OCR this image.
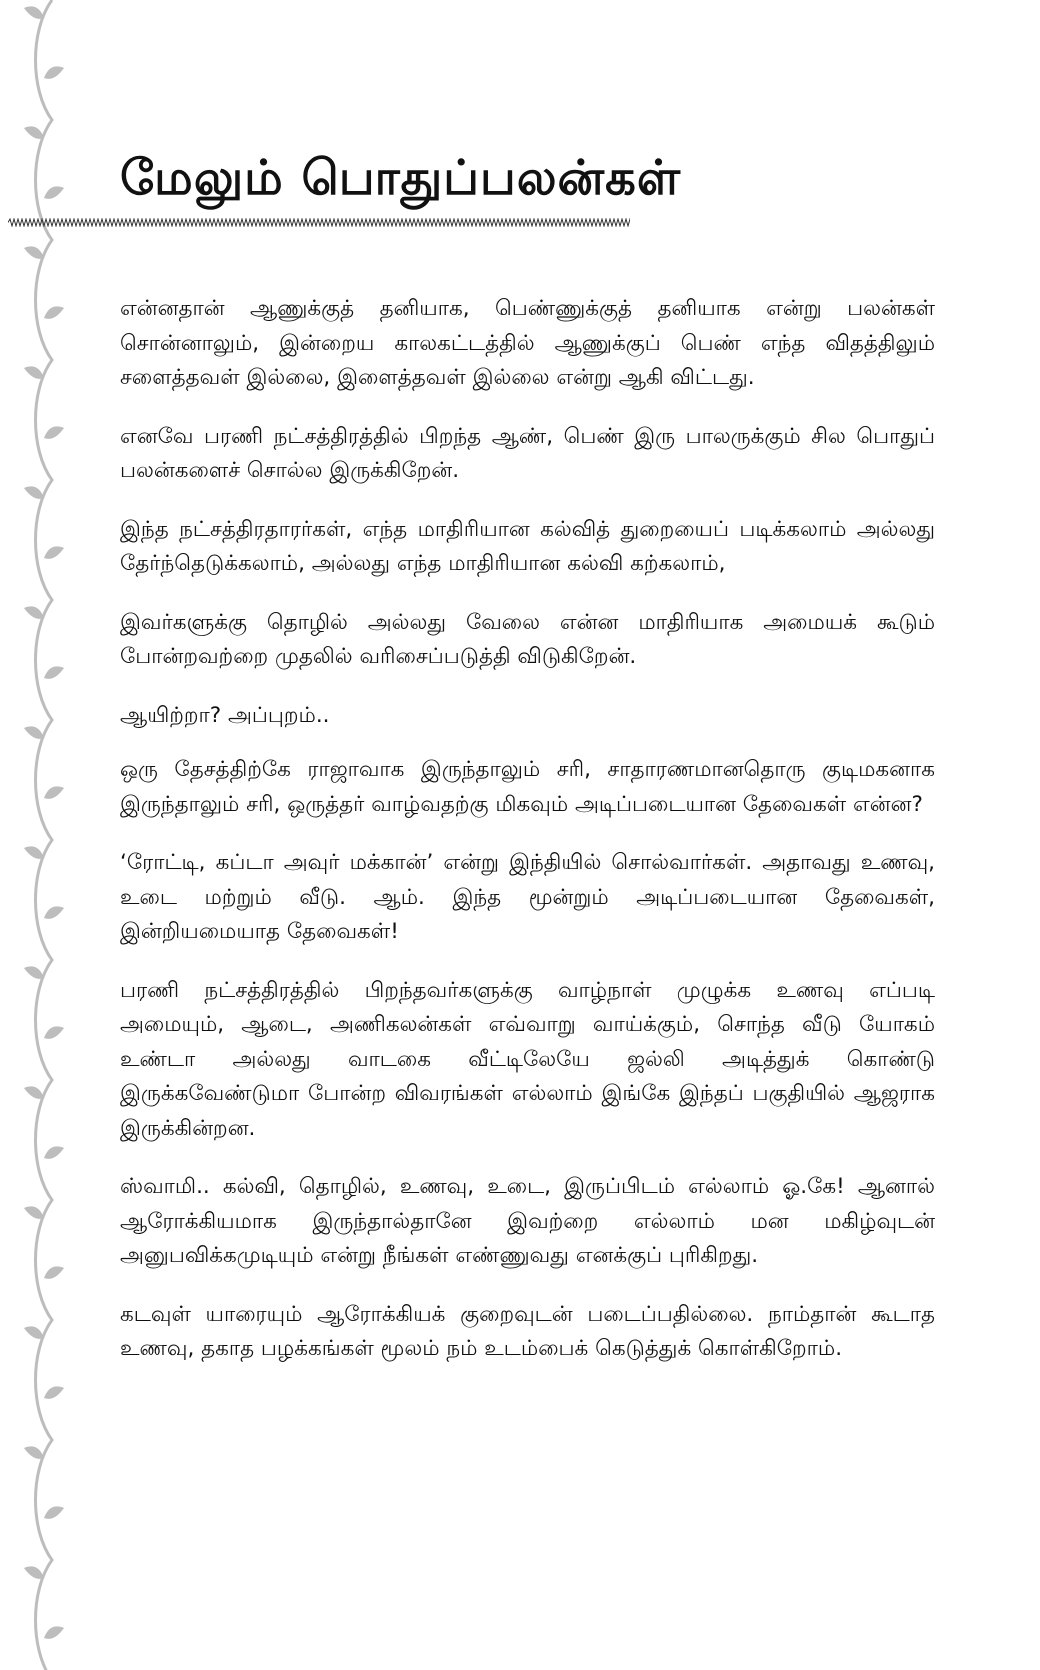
மேலும் பொதுப்பலன்கள்

என்னதான் ஆணுக்குத் தனியாக, பெண்ணுக்குத் தனியாக என்று பலன்கள் சொன்னாலும், இன்றைய காலகட்டத்தில் ஆணுக்குப் பெண் எந்த விதத்திலும் சளைத்தவள் இல்லை, இளைத்தவள் இல்லை என்று ஆகி விட்டது.

எனவே பரணி நட்சத்திரத்தில் பிறந்த ஆண், பெண் இரு பாலருக்கும் சில பொதுப் பலன்களைச் சொல்ல இருக்கிறேன்.

இந்த நட்சத்திரதாரர்கள், எந்த மாதிரியான கல்வித் துறையைப் படிக்கலாம் அல்லது தேர்ந்தெடுக்கலாம், அல்லது எந்த மாதிரியான கல்வி கற்கலாம்,

இவர்களுக்கு தொழில் அல்லது வேலை என்ன மாதிரியாக அமையக் கூடும் போன்றவற்றை முதலில் வரிசைப்படுத்தி விடுகிறேன்.

ஆயிற்றா? அப்புறம்..

ஒரு தேசத்திற்கே ராஜாவாக இருந்தாலும் சரி, சாதாரணமானதொரு குடிமகனாக இருந்தாலும் சரி, ஒருத்தர் வாழ்வதற்கு மிகவும் அடிப்படையான தேவைகள் என்ன?

‘ரோட்டி, கப்டா அவுர் மக்கான்’ என்று இந்தியில் சொல்வார்கள். அதாவது உணவு, உடை மற்றும் வீடு. ஆம். இந்த மூன்றும் அடிப்படையான தேவைகள், இன்றியமையாத தேவைகள்!

பரணி நட்சத்திரத்தில் பிறந்தவர்களுக்கு வாழ்நாள் முழுக்க உணவு எப்படி அமையும், ஆடை, அணிகலன்கள் எவ்வாறு வாய்க்கும், சொந்த வீடு யோகம் உண்டா அல்லது வாடகை வீட்டிலேயே ஜல்லி அடித்துக் கொண்டு இருக்கவேண்டுமா போன்ற விவரங்கள் எல்லாம் இங்கே இந்தப் பகுதியில் ஆஜராக இருக்கின்றன.

ஸ்வாமி.. கல்வி, தொழில், உணவு, உடை, இருப்பிடம் எல்லாம் ஓ.கே! ஆனால் ஆரோக்கியமாக இருந்தால்தானே இவற்றை எல்லாம் மன மகிழ்வுடன் அனுபவிக்கமுடியும் என்று நீங்கள் எண்ணுவது எனக்குப் புரிகிறது.

கடவுள் யாரையும் ஆரோக்கியக் குறைவுடன் படைப்பதில்லை. நாம்தான் கூடாத உணவு, தகாத பழக்கங்கள் மூலம் நம் உடம்பைக் கெடுத்துக் கொள்கிறோம்.
